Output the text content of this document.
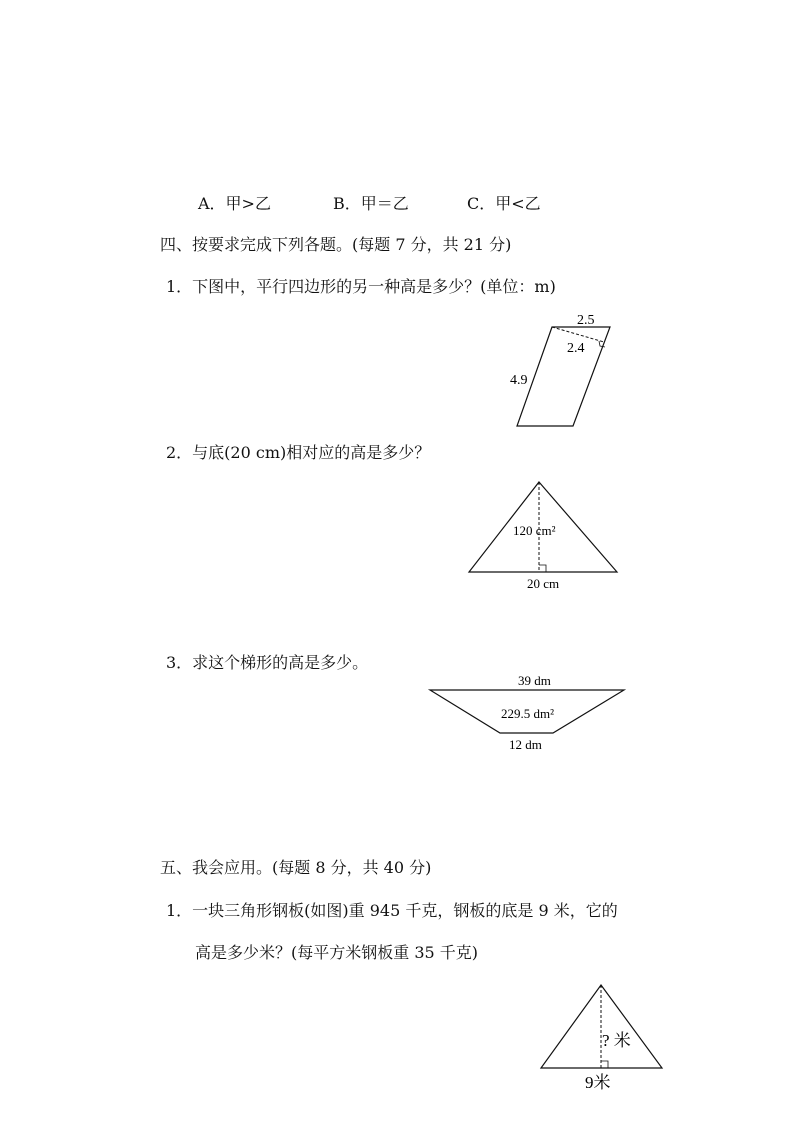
A．甲>乙	B．甲＝乙	C．甲<乙
四、按要求完成下列各题。(每题 7 分，共 21 分)
1．下图中，平行四边形的另一种高是多少？(单位：m)
2.5
2.4
4.9
2．与底(20 cm)相对应的高是多少？
120 cm²
20 cm
3．求这个梯形的高是多少。
39 dm
229.5 dm²
12 dm
五、我会应用。(每题 8 分，共 40 分)
1．一块三角形钢板(如图)重 945 千克，钢板的底是 9 米，它的
高是多少米？(每平方米钢板重 35 千克)
? 米
9米
